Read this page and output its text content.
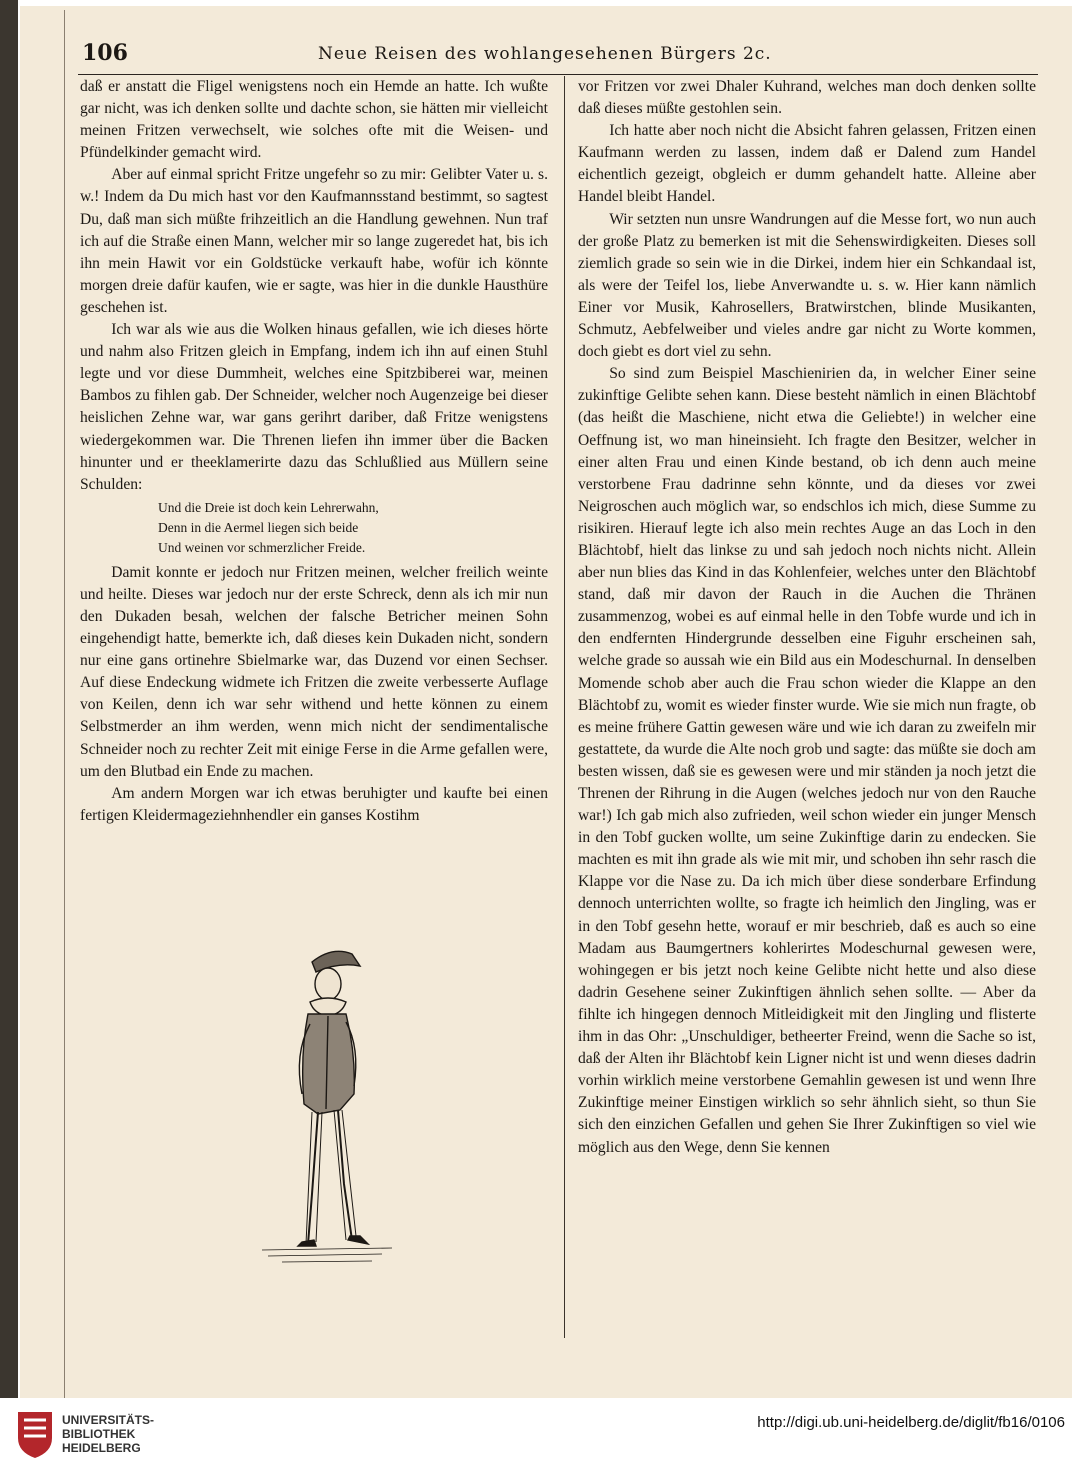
106	Neue Reisen des wohlangesehenen Bürgers 2c.

daß er anstatt die Fligel wenigstens noch ein Hemde an hatte. Ich wußte gar nicht, was ich denken sollte und dachte schon, sie hätten mir vielleicht meinen Fritzen verwechselt, wie solches ofte mit die Weisen- und Pfündelkinder gemacht wird.

Aber auf einmal spricht Fritze ungefehr so zu mir: Gelibter Vater u. s. w.! Indem da Du mich hast vor den Kaufmannsstand bestimmt, so sagtest Du, daß man sich müßte frihzeitlich an die Handlung gewehnen. Nun traf ich auf die Straße einen Mann, welcher mir so lange zugeredet hat, bis ich ihn mein Hawit vor ein Goldstücke verkauft habe, wofür ich könnte morgen dreie dafür kaufen, wie er sagte, was hier in die dunkle Hausthüre geschehen ist.

Ich war als wie aus die Wolken hinaus gefallen, wie ich dieses hörte und nahm also Fritzen gleich in Empfang, indem ich ihn auf einen Stuhl legte und vor diese Dummheit, welches eine Spitzbiberei war, meinen Bambos zu fihlen gab. Der Schneider, welcher noch Augenzeige bei dieser heislichen Zehne war, war gans gerihrt dariber, daß Fritze wenigstens wiedergekommen war. Die Threnen liefen ihn immer über die Backen hinunter und er theeklamerirte dazu das Schlußlied aus Müllern seine Schulden:

Und die Dreie ist doch kein Lehrerwahn,
Denn in die Aermel liegen sich beide
Und weinen vor schmerzlicher Freide.

Damit konnte er jedoch nur Fritzen meinen, welcher freilich weinte und heilte. Dieses war jedoch nur der erste Schreck, denn als ich mir nun den Dukaden besah, welchen der falsche Betricher meinen Sohn eingehendigt hatte, bemerkte ich, daß dieses kein Dukaden nicht, sondern nur eine gans ortinehre Sbielmarke war, das Duzend vor einen Sechser. Auf diese Endeckung widmete ich Fritzen die zweite verbesserte Auflage von Keilen, denn ich war sehr withend und hette können zu einem Selbstmerder an ihm werden, wenn mich nicht der sendimentalische Schneider noch zu rechter Zeit mit einige Ferse in die Arme gefallen were, um den Blutbad ein Ende zu machen.

Am andern Morgen war ich etwas beruhigter und kaufte bei einen fertigen Kleidermageziehnhendler ein ganses Kostihm

vor Fritzen vor zwei Dhaler Kuhrand, welches man doch denken sollte daß dieses müßte gestohlen sein.

Ich hatte aber noch nicht die Absicht fahren gelassen, Fritzen einen Kaufmann werden zu lassen, indem daß er Dalend zum Handel eichentlich gezeigt, obgleich er dumm gehandelt hatte. Alleine aber Handel bleibt Handel.

Wir setzten nun unsre Wandrungen auf die Messe fort, wo nun auch der große Platz zu bemerken ist mit die Sehenswirdigkeiten. Dieses soll ziemlich grade so sein wie in die Dirkei, indem hier ein Schkandaal ist, als were der Teifel los, liebe Anverwandte u. s. w. Hier kann nämlich Einer vor Musik, Kahrosellers, Bratwirstchen, blinde Musikanten, Schmutz, Aebfelweiber und vieles andre gar nicht zu Worte kommen, doch giebt es dort viel zu sehn.

So sind zum Beispiel Maschienirien da, in welcher Einer seine zukinftige Gelibte sehen kann. Diese besteht nämlich in einen Blächtobf (das heißt die Maschiene, nicht etwa die Geliebte!) in welcher eine Oeffnung ist, wo man hineinsieht. Ich fragte den Besitzer, welcher in einer alten Frau und einen Kinde bestand, ob ich denn auch meine verstorbene Frau dadrinne sehn könnte, und da dieses vor zwei Neigroschen auch möglich war, so endschlos ich mich, diese Summe zu risikiren. Hierauf legte ich also mein rechtes Auge an das Loch in den Blächtobf, hielt das linkse zu und sah jedoch noch nichts nicht. Allein aber nun blies das Kind in das Kohlenfeier, welches unter den Blächtobf stand, daß mir davon der Rauch in die Auchen die Thränen zusammenzog, wobei es auf einmal helle in den Tobfe wurde und ich in den endfernten Hindergrunde desselben eine Figuhr erscheinen sah, welche grade so aussah wie ein Bild aus ein Modeschurnal. In denselben Momende schob aber auch die Frau schon wieder die Klappe an den Blächtobf zu, womit es wieder finster wurde. Wie sie mich nun fragte, ob es meine frühere Gattin gewesen wäre und wie ich daran zu zweifeln mir gestattete, da wurde die Alte noch grob und sagte: das müßte sie doch am besten wissen, daß sie es gewesen were und mir ständen ja noch jetzt die Threnen der Rihrung in die Augen (welches jedoch nur von den Rauche war!) Ich gab mich also zufrieden, weil schon wieder ein junger Mensch in den Tobf gucken wollte, um seine Zukinftige darin zu endecken. Sie machten es mit ihn grade als wie mit mir, und schoben ihn sehr rasch die Klappe vor die Nase zu. Da ich mich über diese sonderbare Erfindung dennoch unterrichten wollte, so fragte ich heimlich den Jingling, was er in den Tobf gesehn hette, worauf er mir beschrieb, daß es auch so eine Madam aus Baumgertners kohlerirtes Modeschurnal gewesen were, wohingegen er bis jetzt noch keine Gelibte nicht hette und also diese dadrin Gesehene seiner Zukinftigen ähnlich sehen sollte. — Aber da fihlte ich hingegen dennoch Mitleidigkeit mit den Jingling und flisterte ihm in das Ohr: „Unschuldiger, betheerter Freind, wenn die Sache so ist, daß der Alten ihr Blächtobf kein Ligner nicht ist und wenn dieses dadrin vorhin wirklich meine verstorbene Gemahlin gewesen ist und wenn Ihre Zukinftige meiner Einstigen wirklich so sehr ähnlich sieht, so thun Sie sich den einzichen Gefallen und gehen Sie Ihrer Zukinftigen so viel wie möglich aus den Wege, denn Sie kennen

UNIVERSITÄTS-
BIBLIOTHEK
HEIDELBERG
http://digi.ub.uni-heidelberg.de/diglit/fb16/0106
